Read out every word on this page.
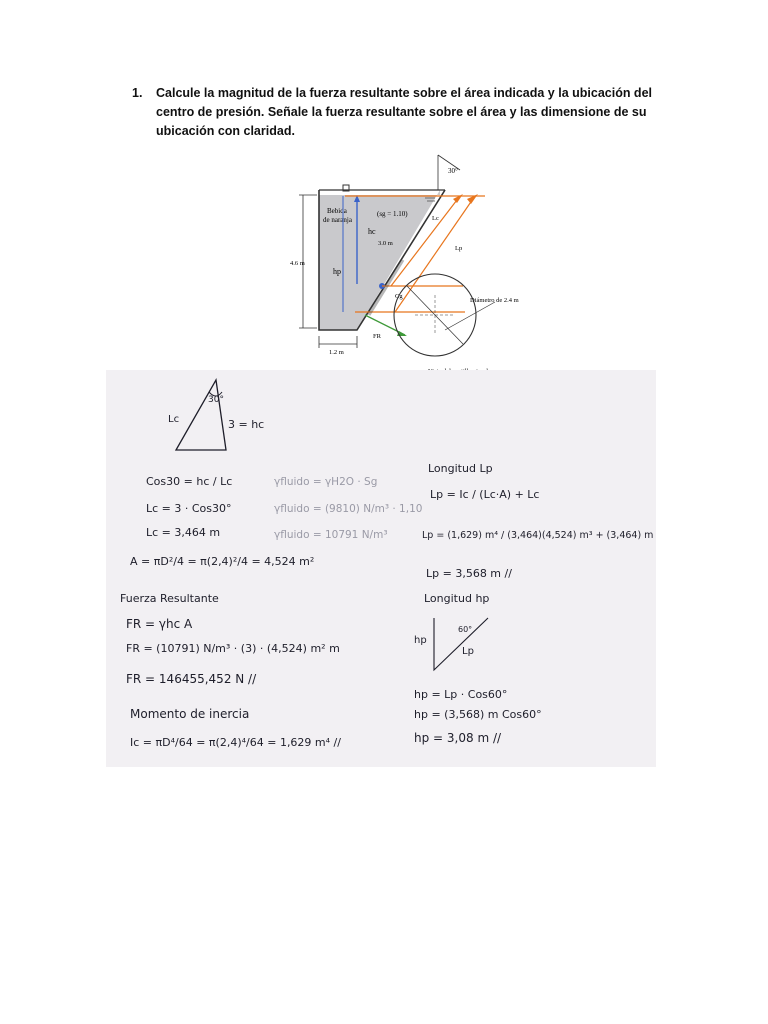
1. Calcule la magnitud de la fuerza resultante sobre el área indicada y la ubicación del centro de presión. Señale la fuerza resultante sobre el área y las dimensione de su ubicación con claridad.
30°
Bebida
de naranja
(sg = 1.10)
hc
3.0 m
hp
4.6 m
1.2 m
Lc
Lp
Cg
FR
Diámetro de 2.4 m
30°
Lc	3 = hc
Cos30 = hc / Lc
Lc = 3 · Cos30°
Lc = 3,464 m
A = πD²/4 = π(2,4)²/4 = 4,524 m²
γfluido = γH2O · Sg
γfluido = (9810) N/m³ · 1,10
γfluido = 10791 N/m³
Fuerza Resultante
FR = γhc A
FR = (10791) N/m³ · (3) · (4,524) m² m
FR = 146455,452 N //
Momento de inercia
Ic = πD⁴/64 = π(2,4)⁴/64 = 1,629 m⁴ //
Longitud Lp
Lp = Ic / (Lc·A) + Lc
Lp = (1,629) m⁴ / (3,464)(4,524) m³ + (3,464) m
Lp = 3,568 m //
Longitud hp
60°
hp
Lp
hp = Lp · Cos60°
hp = (3,568) m Cos60°
hp = 3,08 m //
